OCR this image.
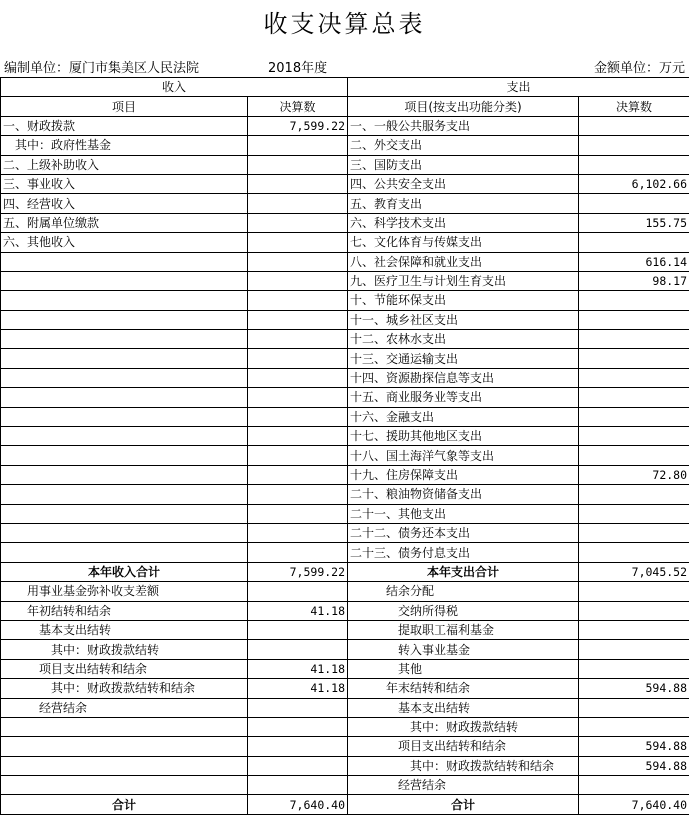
收支决算总表
编制单位：厦门市集美区人民法院	2018年度	金额单位：万元
收入		支出	
项目	决算数	项目(按支出功能分类)	决算数
一、财政拨款	7,599.22	一、一般公共服务支出	
　其中：政府性基金		二、外交支出	
二、上级补助收入		三、国防支出	
三、事业收入		四、公共安全支出	6,102.66
四、经营收入		五、教育支出	
五、附属单位缴款		六、科学技术支出	155.75
六、其他收入		七、文化体育与传媒支出	
		八、社会保障和就业支出	616.14
		九、医疗卫生与计划生育支出	98.17
		十、节能环保支出	
		十一、城乡社区支出	
		十二、农林水支出	
		十三、交通运输支出	
		十四、资源勘探信息等支出	
		十五、商业服务业等支出	
		十六、金融支出	
		十七、援助其他地区支出	
		十八、国土海洋气象等支出	
		十九、住房保障支出	72.80
		二十、粮油物资储备支出	
		二十一、其他支出	
		二十二、债务还本支出	
		二十三、债务付息支出	
本年收入合计	7,599.22	本年支出合计	7,045.52
　　用事业基金弥补收支差额		　　　结余分配	
　　年初结转和结余	41.18	　　　　交纳所得税	
　　　基本支出结转		　　　　提取职工福利基金	
　　　　其中：财政拨款结转		　　　　转入事业基金	
　　　项目支出结转和结余	41.18	　　　　其他	
　　　　其中：财政拨款结转和结余	41.18	　　　年末结转和结余	594.88
　　　经营结余		　　　　基本支出结转	
		　　　　　其中：财政拨款结转	
		　　　　项目支出结转和结余	594.88
		　　　　　其中：财政拨款结转和结余	594.88
		　　　　经营结余	
合计	7,640.40	合计	7,640.40
